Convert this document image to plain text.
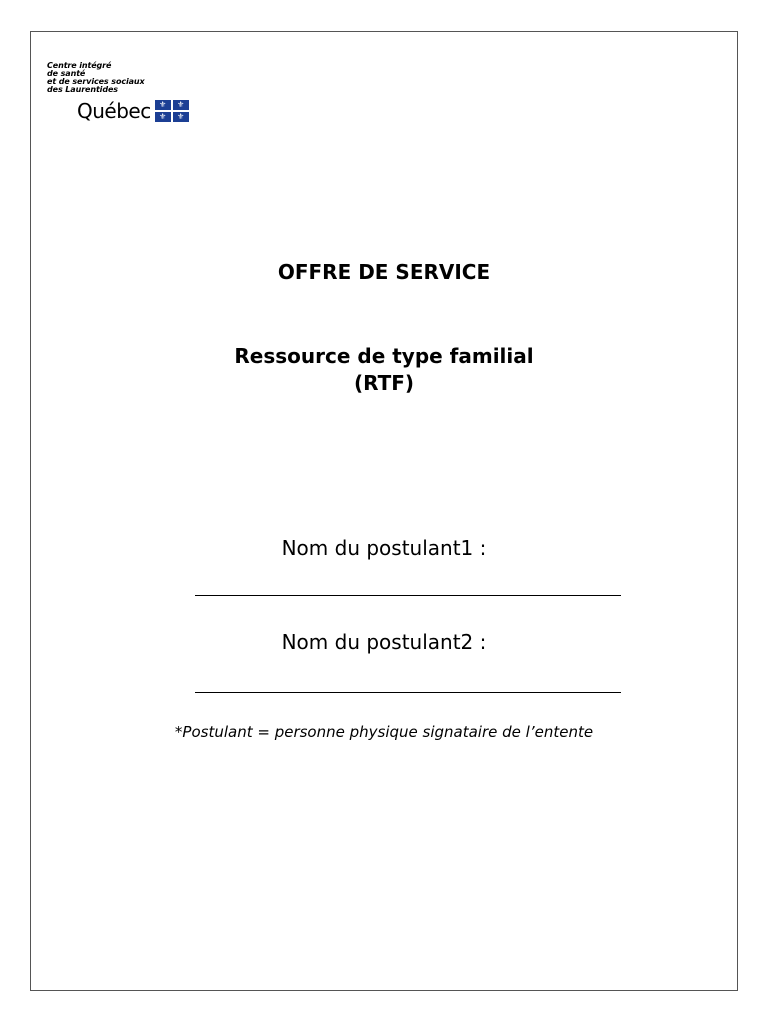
Centre intégré
de santé
et de services sociaux
des Laurentides
Québec	⚜	⚜
⚜	⚜
OFFRE DE SERVICE
Ressource de type familial
(RTF)
Nom du postulant1 :
Nom du postulant2 :
*Postulant = personne physique signataire de l’entente
